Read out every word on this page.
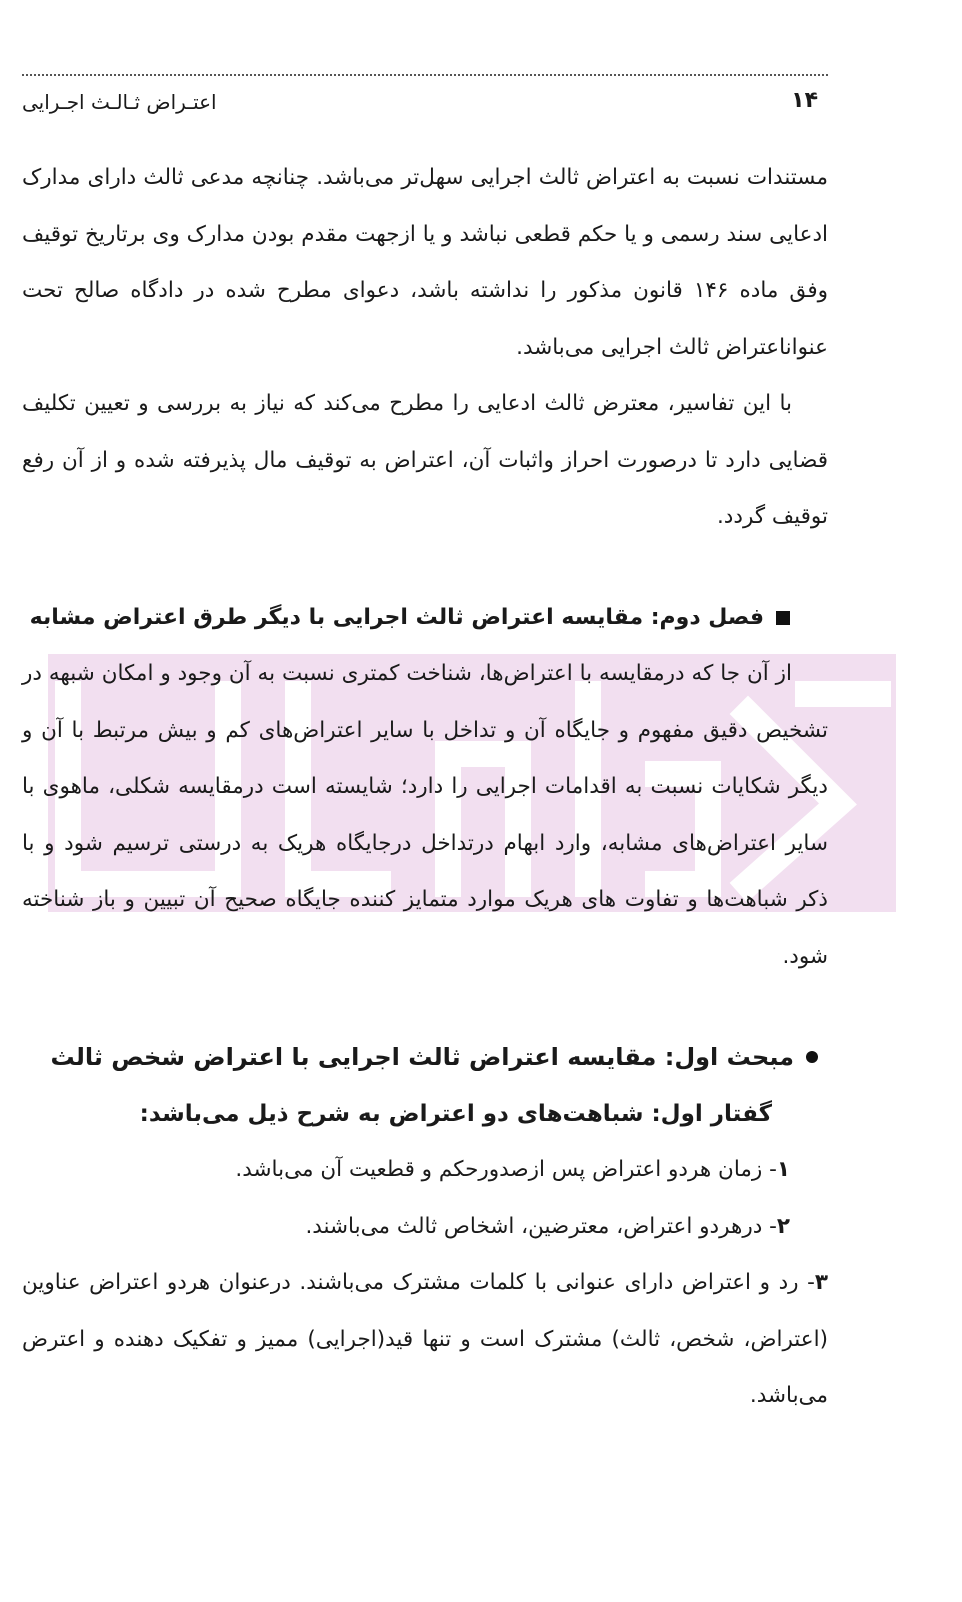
۱۴
اعتـراض ثـالـث اجـرایی

مستندات نسبت به اعتراض ثالث اجرایی سهل‌تر می‌باشد. چنانچه مدعی ثالث دارای مدارک ادعایی سند رسمی و یا حکم قطعی نباشد و یا ازجهت مقدم بودن مدارک وی برتاریخ توقیف وفق ماده ۱۴۶ قانون مذکور را نداشته باشد، دعوای مطرح شده در دادگاه صالح تحت عنوانا‌عتراض ثالث اجرایی می‌باشد.

با این تفاسیر، معترض ثالث ادعایی را مطرح می‌کند که نیاز به بررسی و تعیین تکلیف قضایی دارد تا درصورت احراز واثبات آن، اعتراض به توقیف مال پذیرفته شده و از آن رفع توقیف گردد.

فصل دوم: مقایسه اعتراض ثالث اجرایی با دیگر طرق اعتراض مشابه

از آن جا که درمقایسه با اعتراض‌ها، شناخت کمتری نسبت به آن وجود و امکان شبهه در تشخیص دقیق مفهوم و جایگاه آن و تداخل با سایر اعتراض‌های کم و بیش مرتبط با آن و دیگر شکایات نسبت به اقدامات اجرایی را دارد؛ شایسته است درمقایسه شکلی، ماهوی با سایر اعتراض‌های مشابه، وارد ابهام درتداخل درجایگاه هریک به درستی ترسیم شود و با ذکر شباهت‌ها و تفاوت های هریک موارد متمایز کننده جایگاه صحیح آن تبیین و باز شناخته شود.

مبحث اول: مقایسه اعتراض ثالث اجرایی با اعتراض شخص ثالث
گفتار اول: شباهت‌های دو اعتراض به شرح ذیل می‌باشد:

۱- زمان هردو اعتراض پس ازصدورحکم و قطعیت آن می‌باشد.

۲- درهردو اعتراض، معترضین، اشخاص ثالث می‌باشند.

۳- رد و اعتراض دارای عنوانی با کلمات مشترک می‌باشند. درعنوان هردو اعتراض عناوین (اعتراض، شخص، ثالث) مشترک است و تنها قید(اجرایی) ممیز و تفکیک دهنده و اعترض می‌باشد.
